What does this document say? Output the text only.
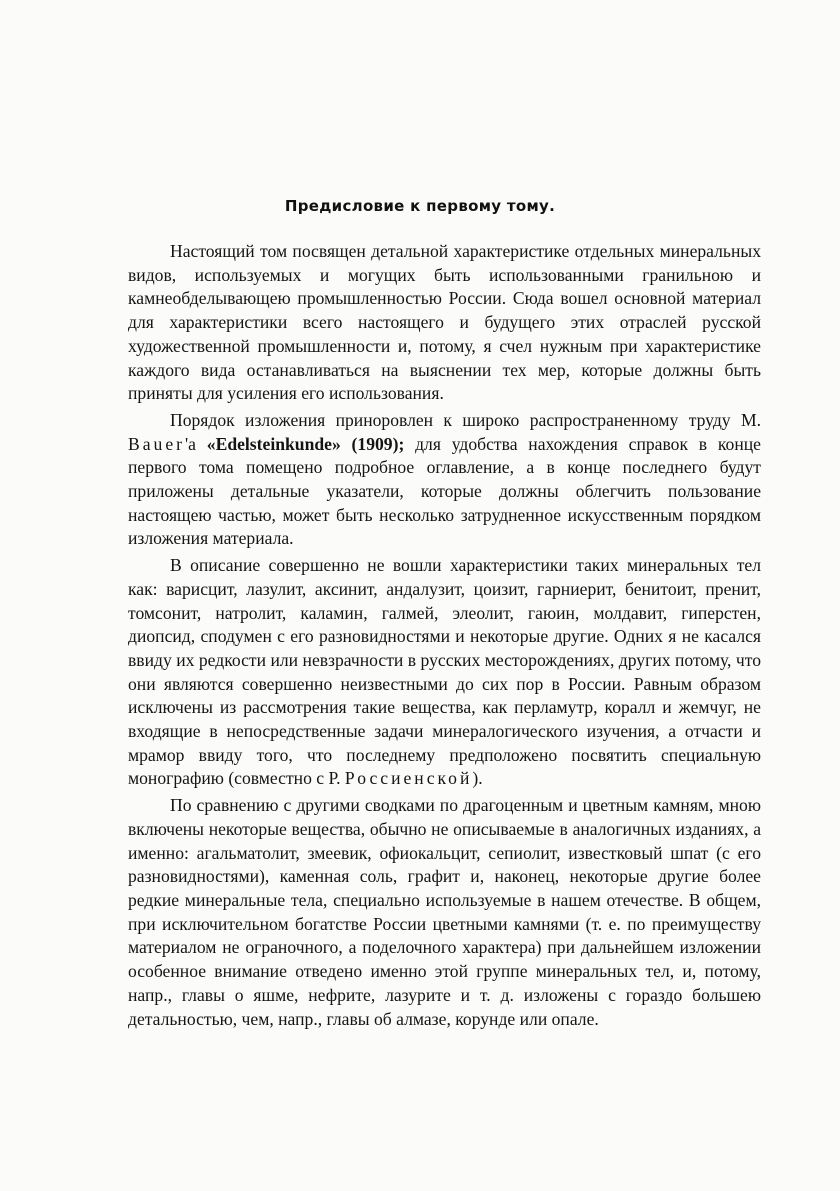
Предисловие к первому тому.

Настоящий том посвящен детальной характеристике отдельных минеральных видов, используемых и могущих быть использованными гранильною и камнеобделывающею промышленностью России. Сюда вошел основной материал для характеристики всего настоящего и будущего этих отраслей русской художественной промышленности и, потому, я счел нужным при характеристике каждого вида останавливаться на выяснении тех мер, которые должны быть приняты для усиления его использования.

Порядок изложения приноровлен к широко распространенному труду М. Bauer'a «Edelsteinkunde» (1909); для удобства нахождения справок в конце первого тома помещено подробное оглавление, а в конце последнего будут приложены детальные указатели, которые должны облегчить пользование настоящею частью, может быть несколько затрудненное искусственным порядком изложения материала.

В описание совершенно не вошли характеристики таких минеральных тел как: варисцит, лазулит, аксинит, андалузит, цоизит, гарниерит, бенитоит, пренит, томсонит, натролит, каламин, галмей, элеолит, гаюин, молдавит, гиперстен, диопсид, сподумен с его разновидностями и некоторые другие. Одних я не касался ввиду их редкости или невзрачности в русских месторождениях, других потому, что они являются совершенно неизвестными до сих пор в России. Равным образом исключены из рассмотрения такие вещества, как перламутр, коралл и жемчуг, не входящие в непосредственные задачи минералогического изучения, а отчасти и мрамор ввиду того, что последнему предположено посвятить специальную монографию (совместно с Р. Россиенской).

По сравнению с другими сводками по драгоценным и цветным камням, мною включены некоторые вещества, обычно не описываемые в аналогичных изданиях, а именно: агальматолит, змеевик, офиокальцит, сепиолит, известковый шпат (с его разновидностями), каменная соль, графит и, наконец, некоторые другие более редкие минеральные тела, специально используемые в нашем отечестве. В общем, при исключительном богатстве России цветными камнями (т. е. по преимуществу материалом не ограночного, а поделочного характера) при дальнейшем изложении особенное внимание отведено именно этой группе минеральных тел, и, потому, напр., главы о яшме, нефрите, лазурите и т. д. изложены с гораздо большею детальностью, чем, напр., главы об алмазе, корунде или опале.
